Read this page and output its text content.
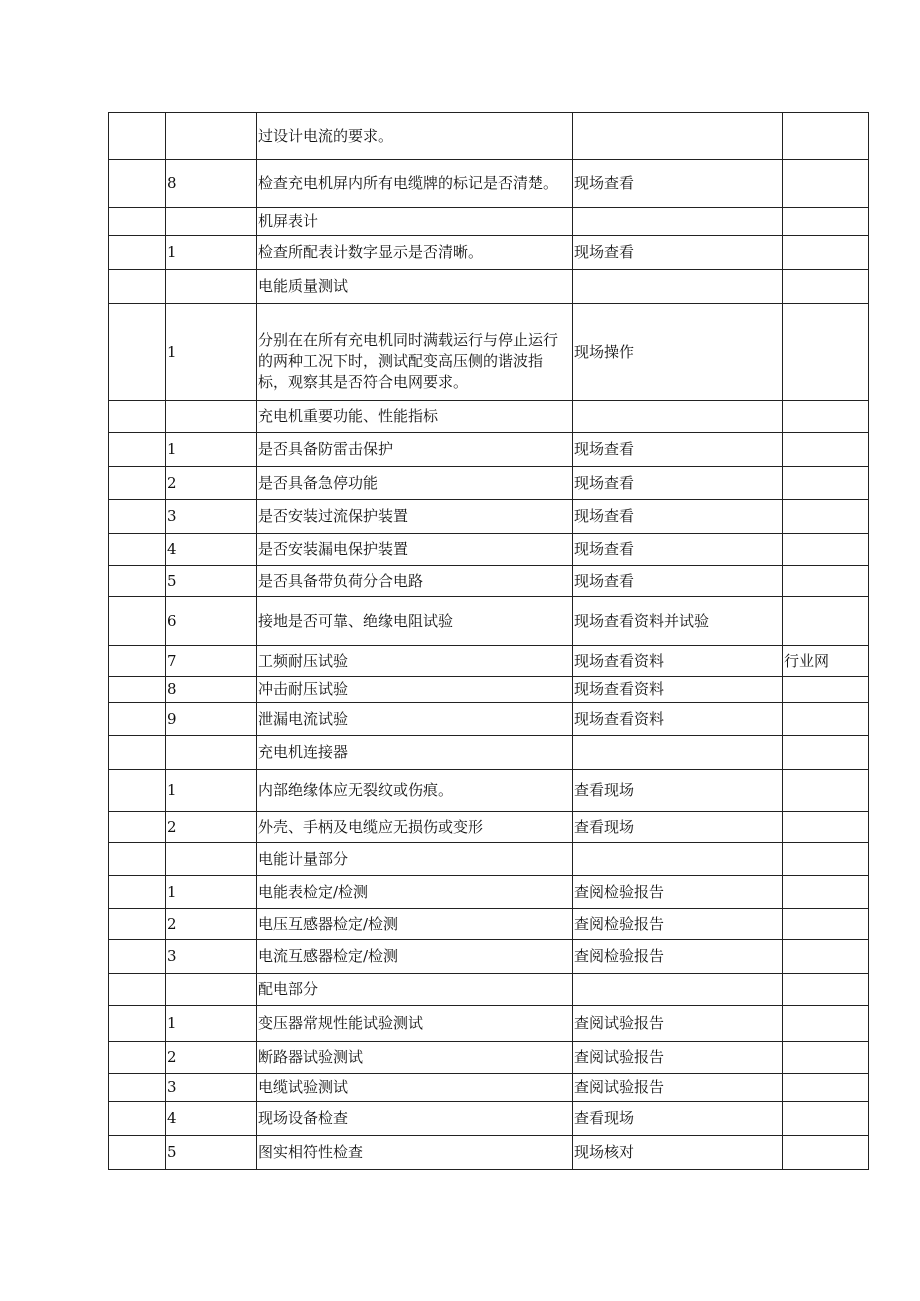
		过设计电流的要求。		
	8	检查充电机屏内所有电缆牌的标记是否清楚。	现场查看	
		机屏表计		
	1	检查所配表计数字显示是否清晰。	现场查看	
		电能质量测试		
	1	分别在在所有充电机同时满载运行与停止运行的两种工况下时，测试配变高压侧的谐波指标，观察其是否符合电网要求。	现场操作	
		充电机重要功能、性能指标		
	1	是否具备防雷击保护	现场查看	
	2	是否具备急停功能	现场查看	
	3	是否安装过流保护装置	现场查看	
	4	是否安装漏电保护装置	现场查看	
	5	是否具备带负荷分合电路	现场查看	
	6	接地是否可靠、绝缘电阻试验	现场查看资料并试验	
	7	工频耐压试验	现场查看资料	行业网
	8	冲击耐压试验	现场查看资料	
	9	泄漏电流试验	现场查看资料	
		充电机连接器		
	1	内部绝缘体应无裂纹或伤痕。	查看现场	
	2	外壳、手柄及电缆应无损伤或变形	查看现场	
		电能计量部分		
	1	电能表检定/检测	查阅检验报告	
	2	电压互感器检定/检测	查阅检验报告	
	3	电流互感器检定/检测	查阅检验报告	
		配电部分		
	1	变压器常规性能试验测试	查阅试验报告	
	2	断路器试验测试	查阅试验报告	
	3	电缆试验测试	查阅试验报告	
	4	现场设备检查	查看现场	
	5	图实相符性检查	现场核对	
